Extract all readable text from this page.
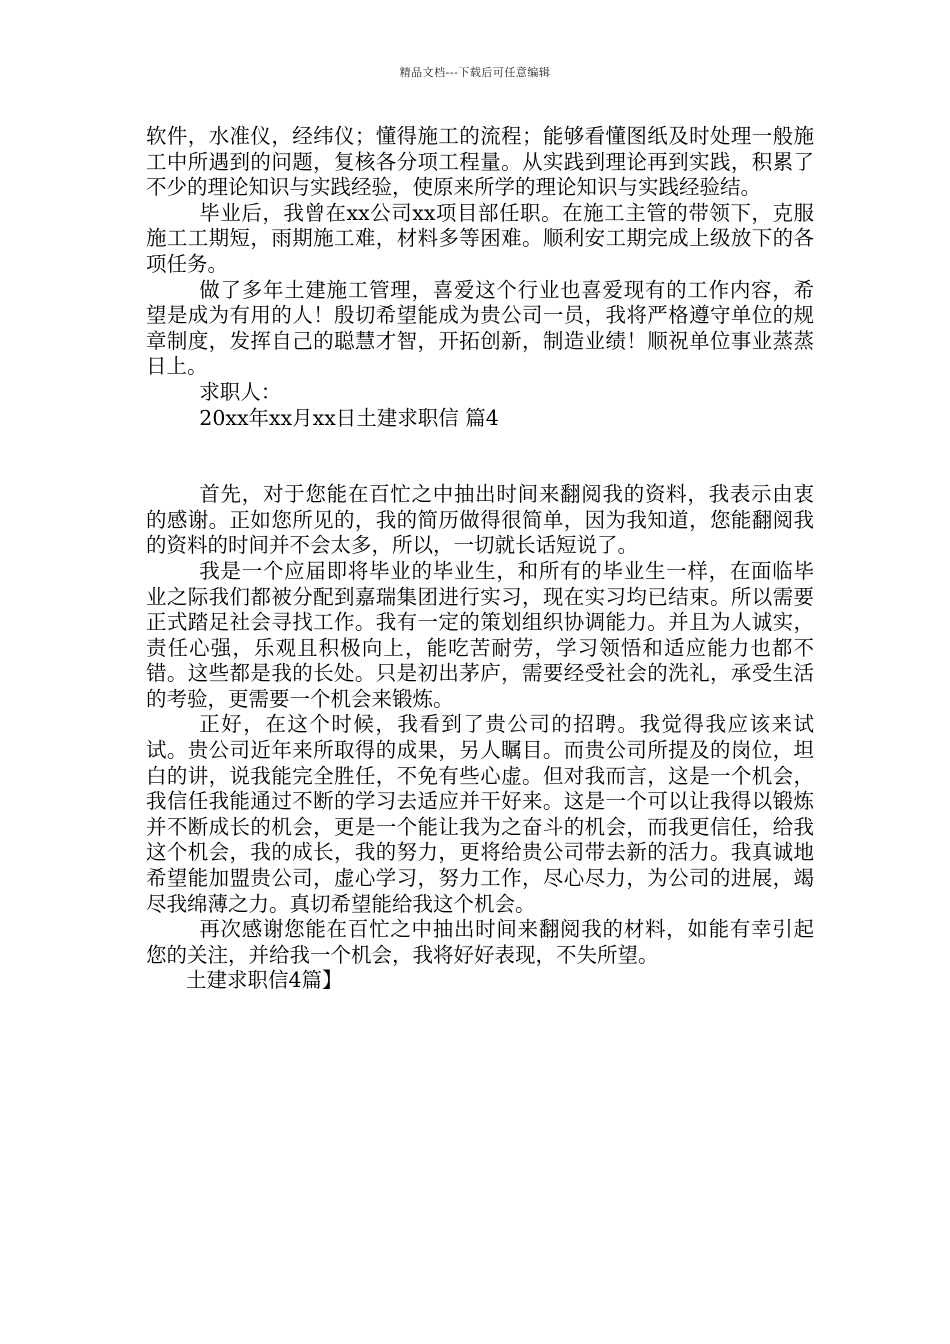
精品文档---下载后可任意编辑

软件，水准仪，经纬仪；懂得施工的流程；能够看懂图纸及时处理一般施工中所遇到的问题，复核各分项工程量。从实践到理论再到实践，积累了不少的理论知识与实践经验，使原来所学的理论知识与实践经验结。

毕业后，我曾在xx公司xx项目部任职。在施工主管的带领下，克服施工工期短，雨期施工难，材料多等困难。顺利安工期完成上级放下的各项任务。

做了多年土建施工管理，喜爱这个行业也喜爱现有的工作内容，希望是成为有用的人！殷切希望能成为贵公司一员，我将严格遵守单位的规章制度，发挥自己的聪慧才智，开拓创新，制造业绩！顺祝单位事业蒸蒸日上。

求职人：

20xx年xx月xx日土建求职信 篇4

首先，对于您能在百忙之中抽出时间来翻阅我的资料，我表示由衷的感谢。正如您所见的，我的简历做得很简单，因为我知道，您能翻阅我的资料的时间并不会太多，所以，一切就长话短说了。

我是一个应届即将毕业的毕业生，和所有的毕业生一样，在面临毕业之际我们都被分配到嘉瑞集团进行实习，现在实习均已结束。所以需要正式踏足社会寻找工作。我有一定的策划组织协调能力。并且为人诚实，责任心强，乐观且积极向上，能吃苦耐劳，学习领悟和适应能力也都不错。这些都是我的长处。只是初出茅庐，需要经受社会的洗礼，承受生活的考验，更需要一个机会来锻炼。

正好，在这个时候，我看到了贵公司的招聘。我觉得我应该来试试。贵公司近年来所取得的成果，另人瞩目。而贵公司所提及的岗位，坦白的讲，说我能完全胜任，不免有些心虚。但对我而言，这是一个机会，我信任我能通过不断的学习去适应并干好来。这是一个可以让我得以锻炼并不断成长的机会，更是一个能让我为之奋斗的机会，而我更信任，给我这个机会，我的成长，我的努力，更将给贵公司带去新的活力。我真诚地希望能加盟贵公司，虚心学习，努力工作，尽心尽力，为公司的进展，竭尽我绵薄之力。真切希望能给我这个机会。

再次感谢您能在百忙之中抽出时间来翻阅我的材料，如能有幸引起您的关注，并给我一个机会，我将好好表现，不失所望。

土建求职信4篇】
